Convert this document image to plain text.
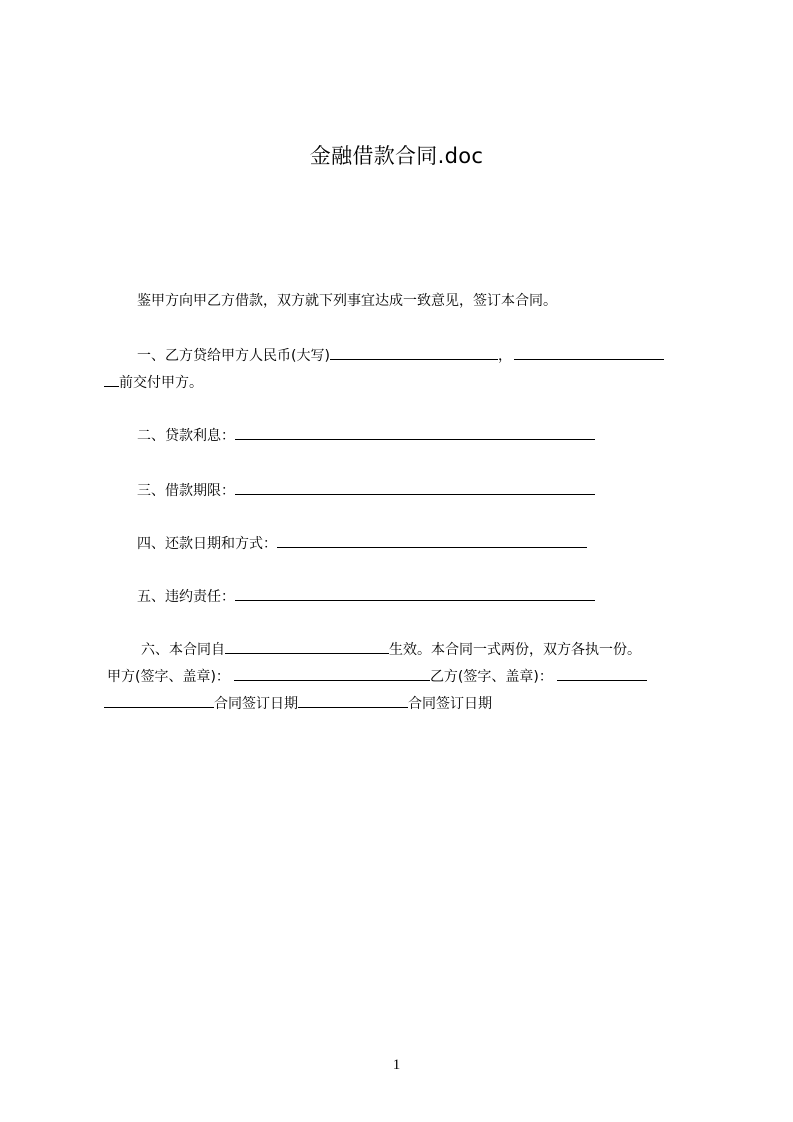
金融借款合同.doc
鉴甲方向甲乙方借款，双方就下列事宜达成一致意见，签订本合同。
一、乙方贷给甲方人民币(大写)	，
前交付甲方。
二、贷款利息：
三、借款期限：
四、还款日期和方式：
五、违约责任：
六、本合同自	生效。本合同一式两份，双方各执一份。
甲方(签字、盖章)：	乙方(签字、盖章)：
合同签订日期	合同签订日期
1
